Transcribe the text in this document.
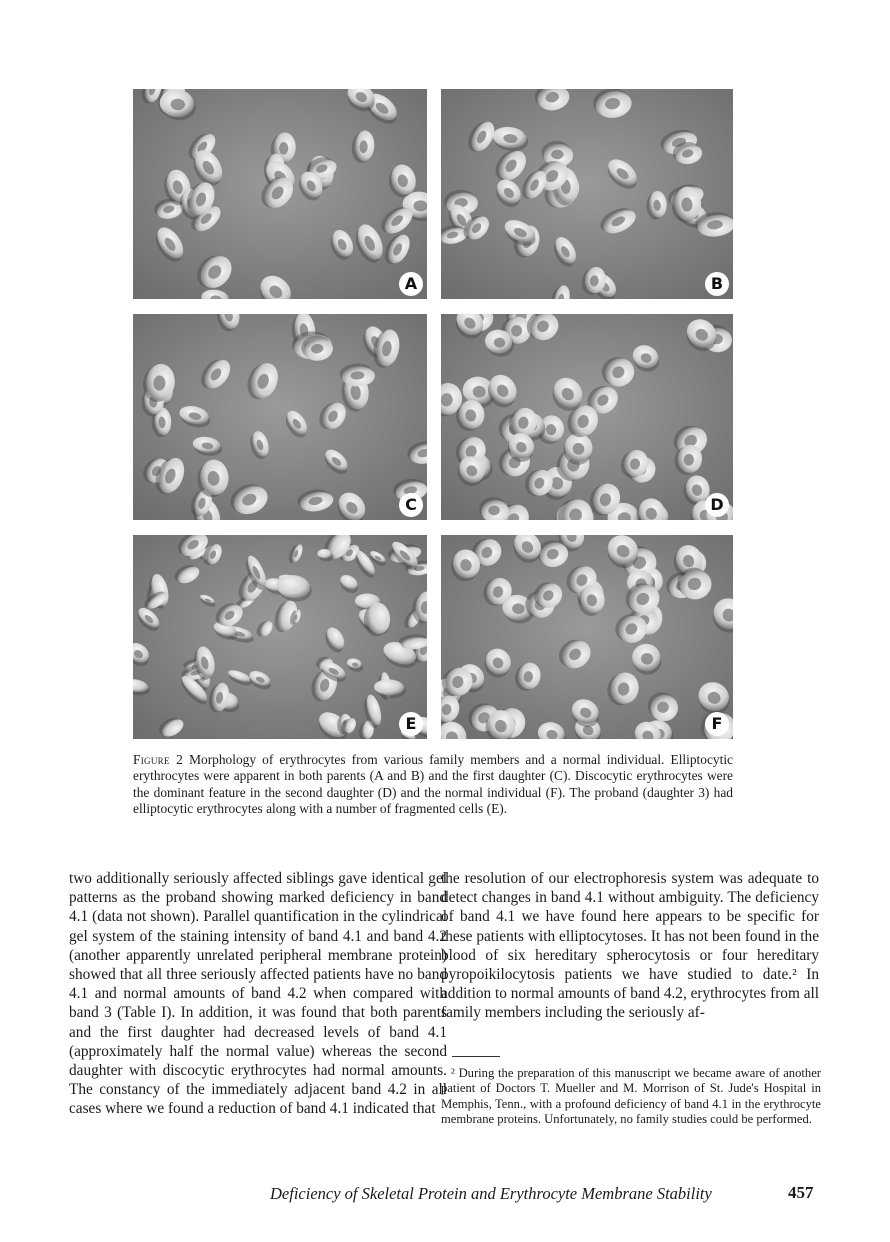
A	B
C	D
E	F
Figure 2 Morphology of erythrocytes from various family members and a normal individual. Elliptocytic erythrocytes were apparent in both parents (A and B) and the first daughter (C). Discocytic erythrocytes were the dominant feature in the second daughter (D) and the normal individual (F). The proband (daughter 3) had elliptocytic erythrocytes along with a number of fragmented cells (E).

two additionally seriously affected siblings gave identical gel patterns as the proband showing marked deficiency in band 4.1 (data not shown). Parallel quantification in the cylindrical gel system of the staining intensity of band 4.1 and band 4.2 (another apparently unrelated peripheral membrane protein) showed that all three seriously affected patients have no band 4.1 and normal amounts of band 4.2 when compared with band 3 (Table I). In addition, it was found that both parents and the first daughter had decreased levels of band 4.1 (approximately half the normal value) whereas the second daughter with discocytic erythrocytes had normal amounts. The constancy of the immediately adjacent band 4.2 in all cases where we found a reduction of band 4.1 indicated that

the resolution of our electrophoresis system was adequate to detect changes in band 4.1 without ambiguity. The deficiency of band 4.1 we have found here appears to be specific for these patients with elliptocytoses. It has not been found in the blood of six hereditary spherocytosis or four hereditary pyropoikilocytosis patients we have studied to date.² In addition to normal amounts of band 4.2, erythrocytes from all family members including the seriously af-

² During the preparation of this manuscript we became aware of another patient of Doctors T. Mueller and M. Morrison of St. Jude's Hospital in Memphis, Tenn., with a profound deficiency of band 4.1 in the erythrocyte membrane proteins. Unfortunately, no family studies could be performed.
Deficiency of Skeletal Protein and Erythrocyte Membrane Stability	457
